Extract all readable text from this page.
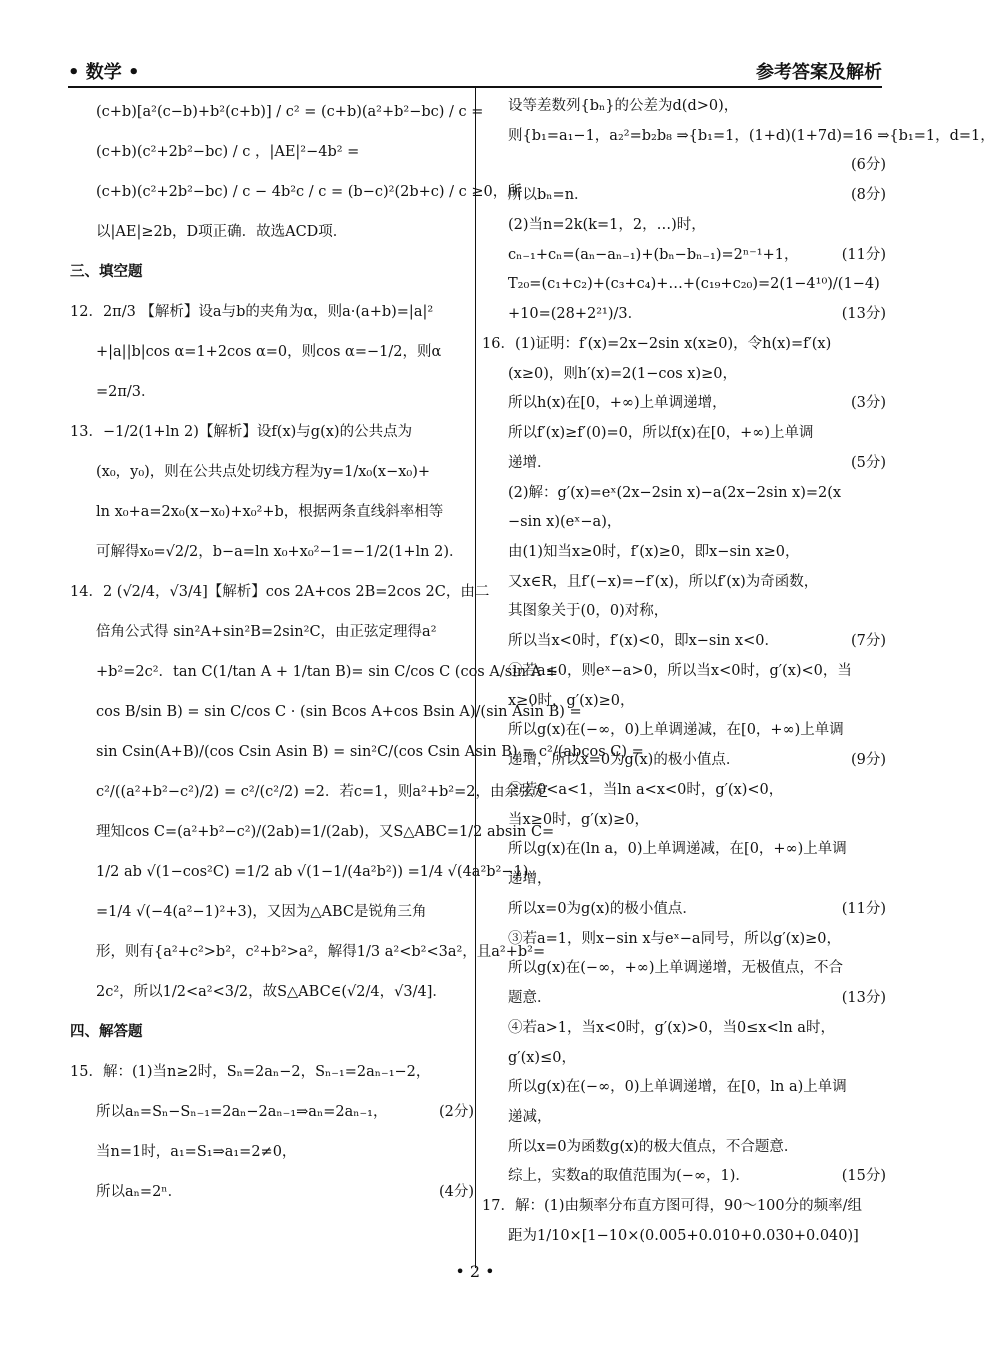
• 数学 •	参考答案及解析
(c+b)[a²(c−b)+b²(c+b)] / c² = (c+b)(a²+b²−bc) / c =
(c+b)(c²+2b²−bc) / c ，|AE|²−4b² =
(c+b)(c²+2b²−bc) / c − 4b²c / c = (b−c)²(2b+c) / c ≥0，所
以|AE|≥2b，D项正确．故选ACD项．
三、填空题
12．2π/3 【解析】设a与b的夹角为α，则a·(a+b)=|a|²
+|a||b|cos α=1+2cos α=0，则cos α=−1/2，则α
=2π/3．
13．−1/2(1+ln 2)【解析】设f(x)与g(x)的公共点为
(x₀，y₀)，则在公共点处切线方程为y=1/x₀(x−x₀)+
ln x₀+a=2x₀(x−x₀)+x₀²+b，根据两条直线斜率相等
可解得x₀=√2/2，b−a=ln x₀+x₀²−1=−1/2(1+ln 2)．
14．2 (√2/4，√3/4]【解析】cos 2A+cos 2B=2cos 2C，由二
倍角公式得 sin²A+sin²B=2sin²C，由正弦定理得a²
+b²=2c²．tan C(1/tan A + 1/tan B)= sin C/cos C (cos A/sin A +
cos B/sin B) = sin C/cos C · (sin Bcos A+cos Bsin A)/(sin Asin B) =
sin Csin(A+B)/(cos Csin Asin B) = sin²C/(cos Csin Asin B) = c²/(abcos C) =
c²/((a²+b²−c²)/2) = c²/(c²/2) =2．若c=1，则a²+b²=2，由余弦定
理知cos C=(a²+b²−c²)/(2ab)=1/(2ab)，又S△ABC=1/2 absin C=
1/2 ab √(1−cos²C) =1/2 ab √(1−1/(4a²b²)) =1/4 √(4a²b²−1)
=1/4 √(−4(a²−1)²+3)，又因为△ABC是锐角三角
形，则有{a²+c²>b²，c²+b²>a²，解得1/3 a²<b²<3a²，且a²+b²=
2c²，所以1/2<a²<3/2，故S△ABC∈(√2/4，√3/4]．
四、解答题
15．解：(1)当n≥2时，Sₙ=2aₙ−2，Sₙ₋₁=2aₙ₋₁−2，
所以aₙ=Sₙ−Sₙ₋₁=2aₙ−2aₙ₋₁⇒aₙ=2aₙ₋₁，	(2分)
当n=1时，a₁=S₁⇒a₁=2≠0，
所以aₙ=2ⁿ．	(4分)
设等差数列{bₙ}的公差为d(d>0)，
则{b₁=a₁−1，a₂²=b₂b₈ ⇒{b₁=1，(1+d)(1+7d)=16 ⇒{b₁=1，d=1，
(6分)
所以bₙ=n．	(8分)
(2)当n=2k(k=1，2，…)时，
cₙ₋₁+cₙ=(aₙ−aₙ₋₁)+(bₙ−bₙ₋₁)=2ⁿ⁻¹+1，	(11分)
T₂₀=(c₁+c₂)+(c₃+c₄)+…+(c₁₉+c₂₀)=2(1−4¹⁰)/(1−4)
+10=(28+2²¹)/3．	(13分)
16．(1)证明：f′(x)=2x−2sin x(x≥0)，令h(x)=f′(x)
(x≥0)，则h′(x)=2(1−cos x)≥0，
所以h(x)在[0，+∞)上单调递增，	(3分)
所以f′(x)≥f′(0)=0，所以f(x)在[0，+∞)上单调
递增．	(5分)
(2)解：g′(x)=eˣ(2x−2sin x)−a(2x−2sin x)=2(x
−sin x)(eˣ−a)，
由(1)知当x≥0时，f′(x)≥0，即x−sin x≥0，
又x∈R，且f′(−x)=−f′(x)，所以f′(x)为奇函数，
其图象关于(0，0)对称，
所以当x<0时，f′(x)<0，即x−sin x<0．	(7分)
①若a≤0，则eˣ−a>0，所以当x<0时，g′(x)<0，当
x≥0时，g′(x)≥0，
所以g(x)在(−∞，0)上单调递减，在[0，+∞)上单调
递增，所以x=0为g(x)的极小值点．	(9分)
②若0<a<1，当ln a<x<0时，g′(x)<0，
当x≥0时，g′(x)≥0，
所以g(x)在(ln a，0)上单调递减，在[0，+∞)上单调
递增，
所以x=0为g(x)的极小值点．	(11分)
③若a=1，则x−sin x与eˣ−a同号，所以g′(x)≥0，
所以g(x)在(−∞，+∞)上单调递增，无极值点，不合
题意．	(13分)
④若a>1，当x<0时，g′(x)>0，当0≤x<ln a时，
g′(x)≤0，
所以g(x)在(−∞，0)上单调递增，在[0，ln a)上单调
递减，
所以x=0为函数g(x)的极大值点，不合题意．
综上，实数a的取值范围为(−∞，1)．	(15分)
17．解：(1)由频率分布直方图可得，90～100分的频率/组
距为1/10×[1−10×(0.005+0.010+0.030+0.040)]
• 2 •
